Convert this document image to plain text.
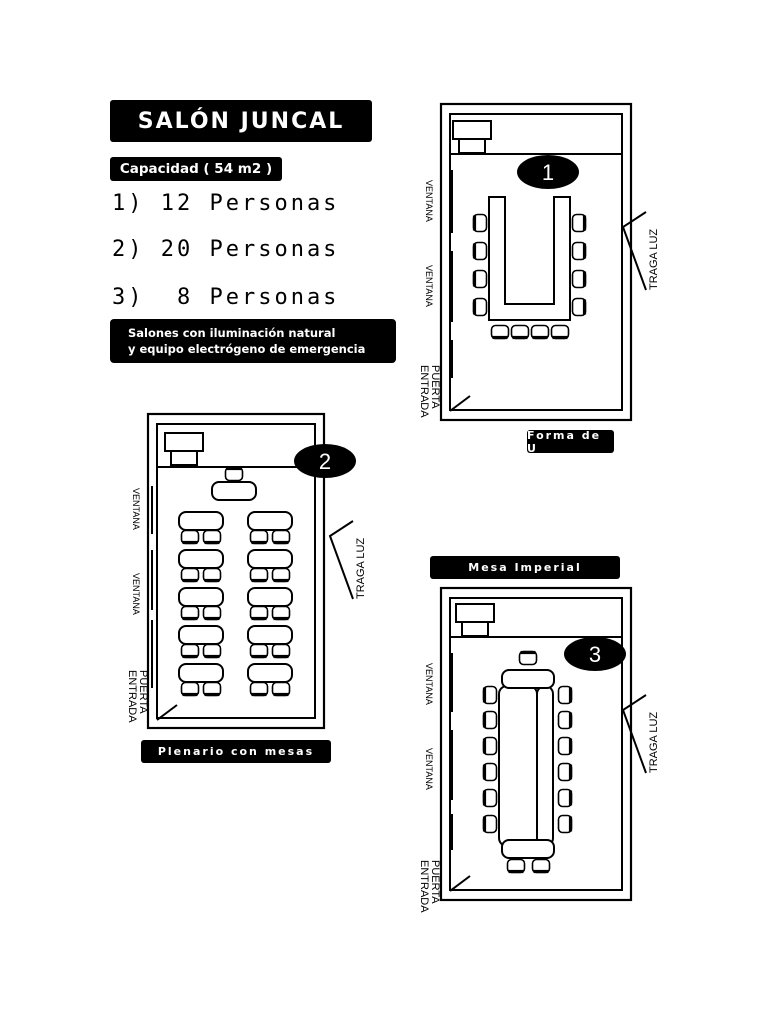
SALÓN JUNCAL
Capacidad ( 54 m2 )
1) 12 Personas
2) 20 Personas
3)  8 Personas
Salones con iluminación natural
y equipo electrógeno de emergencia
Forma de U
Plenario con mesas
Mesa Imperial
1
VENTANA
VENTANA
PUERTA
ENTRADA
TRAGA LUZ
2
VENTANA
VENTANA
PUERTA
ENTRADA
TRAGA LUZ
3
VENTANA
VENTANA
PUERTA
ENTRADA
TRAGA LUZ
